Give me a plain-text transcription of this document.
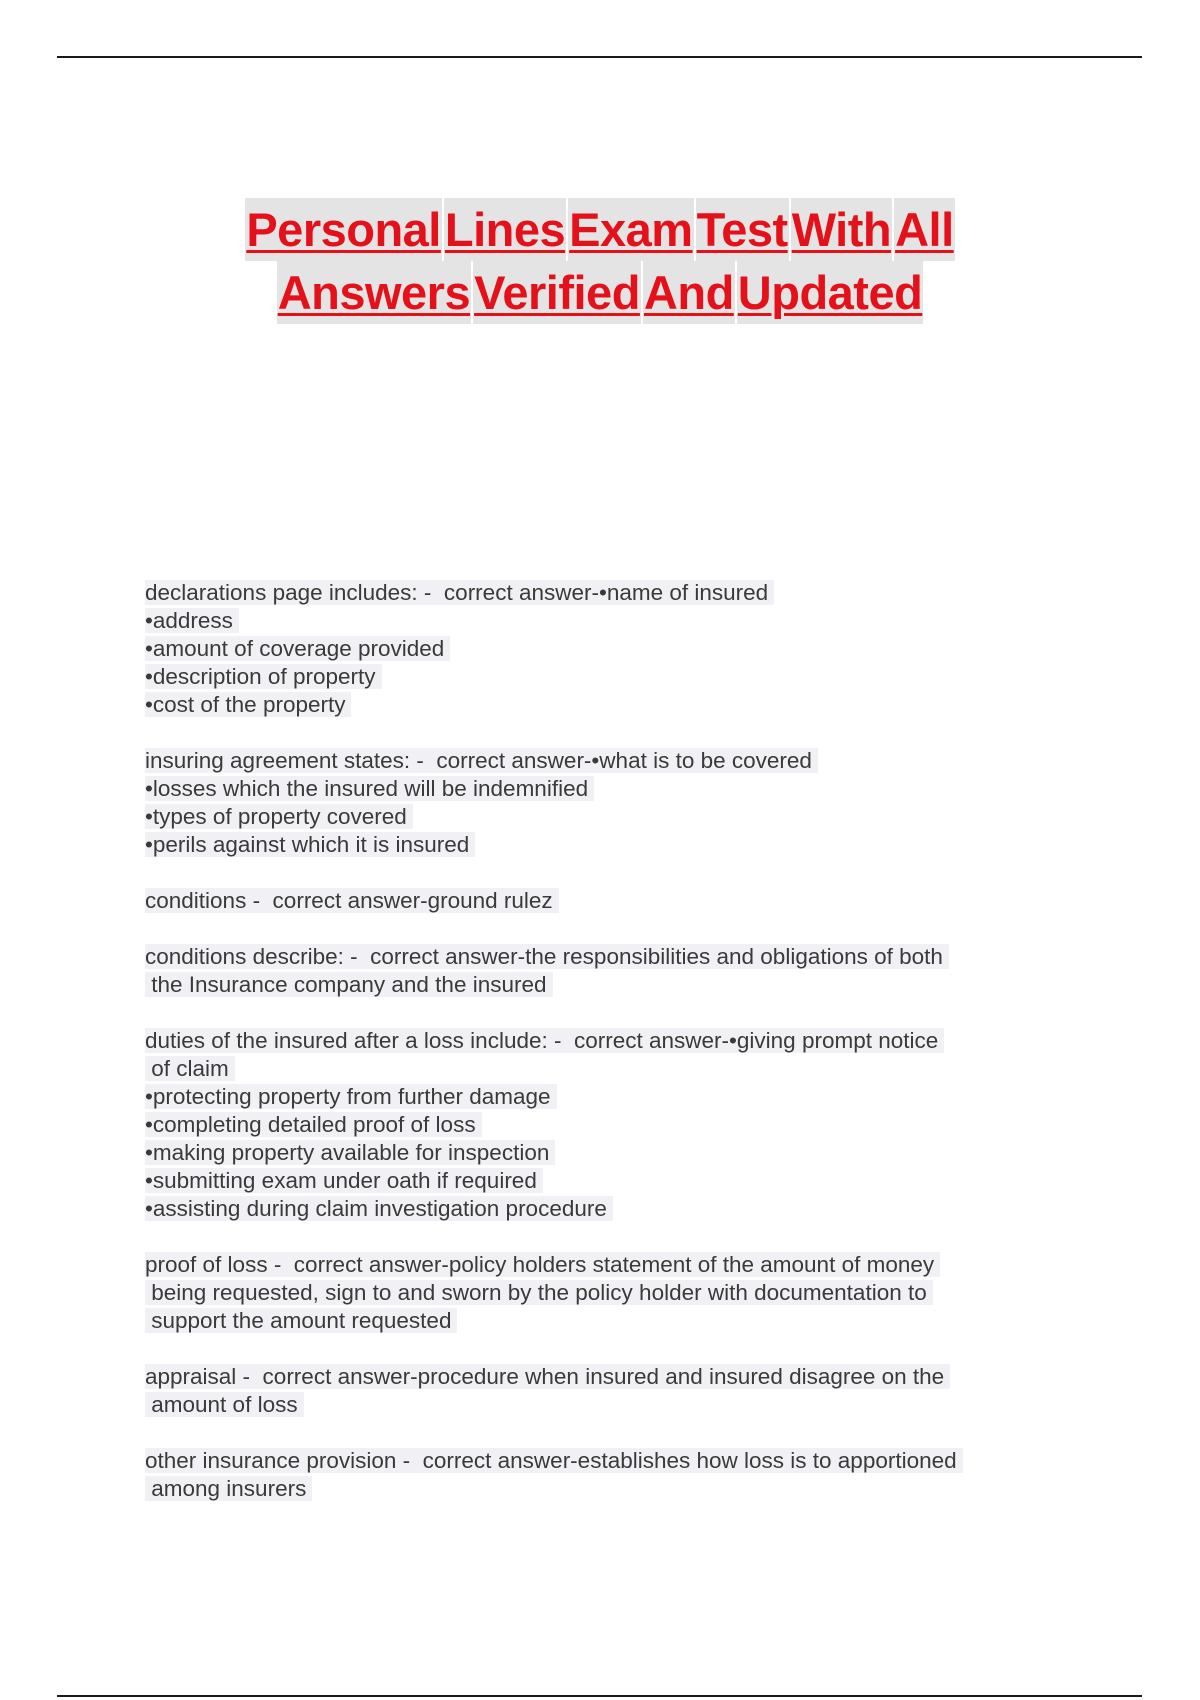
PersonalLinesExamTestWithAll
AnswersVerifiedAndUpdated
declarations page includes: -  correct answer-•name of insured
•address
•amount of coverage provided
•description of property
•cost of the property
insuring agreement states: -  correct answer-•what is to be covered
•losses which the insured will be indemnified
•types of property covered
•perils against which it is insured
conditions -  correct answer-ground rulez
conditions describe: -  correct answer-the responsibilities and obligations of both
the Insurance company and the insured
duties of the insured after a loss include: -  correct answer-•giving prompt notice
of claim
•protecting property from further damage
•completing detailed proof of loss
•making property available for inspection
•submitting exam under oath if required
•assisting during claim investigation procedure
proof of loss -  correct answer-policy holders statement of the amount of money
being requested, sign to and sworn by the policy holder with documentation to
support the amount requested
appraisal -  correct answer-procedure when insured and insured disagree on the
amount of loss
other insurance provision -  correct answer-establishes how loss is to apportioned
among insurers
